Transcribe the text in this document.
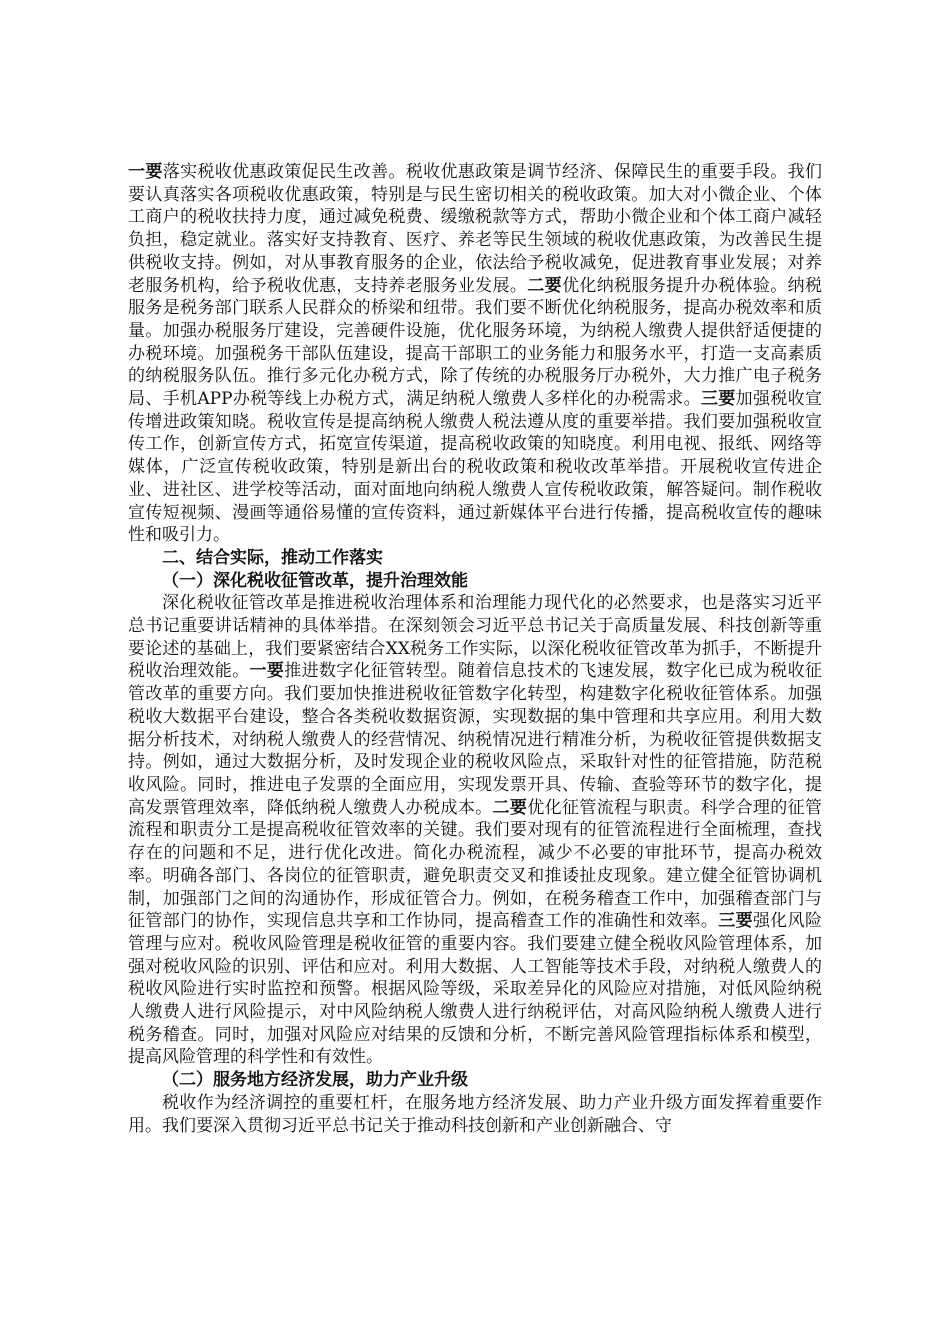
一要落实税收优惠政策促民生改善。税收优惠政策是调节经济、保障民生的重要手段。我们要认真落实各项税收优惠政策，特别是与民生密切相关的税收政策。加大对小微企业、个体工商户的税收扶持力度，通过减免税费、缓缴税款等方式，帮助小微企业和个体工商户减轻负担，稳定就业。落实好支持教育、医疗、养老等民生领域的税收优惠政策，为改善民生提供税收支持。例如，对从事教育服务的企业，依法给予税收减免，促进教育事业发展；对养老服务机构，给予税收优惠，支持养老服务业发展。二要优化纳税服务提升办税体验。纳税服务是税务部门联系人民群众的桥梁和纽带。我们要不断优化纳税服务，提高办税效率和质量。加强办税服务厅建设，完善硬件设施，优化服务环境，为纳税人缴费人提供舒适便捷的办税环境。加强税务干部队伍建设，提高干部职工的业务能力和服务水平，打造一支高素质的纳税服务队伍。推行多元化办税方式，除了传统的办税服务厅办税外，大力推广电子税务局、手机APP办税等线上办税方式，满足纳税人缴费人多样化的办税需求。三要加强税收宣传增进政策知晓。税收宣传是提高纳税人缴费人税法遵从度的重要举措。我们要加强税收宣传工作，创新宣传方式，拓宽宣传渠道，提高税收政策的知晓度。利用电视、报纸、网络等媒体，广泛宣传税收政策，特别是新出台的税收政策和税收改革举措。开展税收宣传进企业、进社区、进学校等活动，面对面地向纳税人缴费人宣传税收政策，解答疑问。制作税收宣传短视频、漫画等通俗易懂的宣传资料，通过新媒体平台进行传播，提高税收宣传的趣味性和吸引力。

二、结合实际，推动工作落实

（一）深化税收征管改革，提升治理效能

深化税收征管改革是推进税收治理体系和治理能力现代化的必然要求，也是落实习近平总书记重要讲话精神的具体举措。在深刻领会习近平总书记关于高质量发展、科技创新等重要论述的基础上，我们要紧密结合XX税务工作实际，以深化税收征管改革为抓手，不断提升税收治理效能。一要推进数字化征管转型。随着信息技术的飞速发展，数字化已成为税收征管改革的重要方向。我们要加快推进税收征管数字化转型，构建数字化税收征管体系。加强税收大数据平台建设，整合各类税收数据资源，实现数据的集中管理和共享应用。利用大数据分析技术，对纳税人缴费人的经营情况、纳税情况进行精准分析，为税收征管提供数据支持。例如，通过大数据分析，及时发现企业的税收风险点，采取针对性的征管措施，防范税收风险。同时，推进电子发票的全面应用，实现发票开具、传输、查验等环节的数字化，提高发票管理效率，降低纳税人缴费人办税成本。二要优化征管流程与职责。科学合理的征管流程和职责分工是提高税收征管效率的关键。我们要对现有的征管流程进行全面梳理，查找存在的问题和不足，进行优化改进。简化办税流程，减少不必要的审批环节，提高办税效率。明确各部门、各岗位的征管职责，避免职责交叉和推诿扯皮现象。建立健全征管协调机制，加强部门之间的沟通协作，形成征管合力。例如，在税务稽查工作中，加强稽查部门与征管部门的协作，实现信息共享和工作协同，提高稽查工作的准确性和效率。三要强化风险管理与应对。税收风险管理是税收征管的重要内容。我们要建立健全税收风险管理体系，加强对税收风险的识别、评估和应对。利用大数据、人工智能等技术手段，对纳税人缴费人的税收风险进行实时监控和预警。根据风险等级，采取差异化的风险应对措施，对低风险纳税人缴费人进行风险提示，对中风险纳税人缴费人进行纳税评估，对高风险纳税人缴费人进行税务稽查。同时，加强对风险应对结果的反馈和分析，不断完善风险管理指标体系和模型，提高风险管理的科学性和有效性。

（二）服务地方经济发展，助力产业升级

税收作为经济调控的重要杠杆，在服务地方经济发展、助力产业升级方面发挥着重要作用。我们要深入贯彻习近平总书记关于推动科技创新和产业创新融合、守
